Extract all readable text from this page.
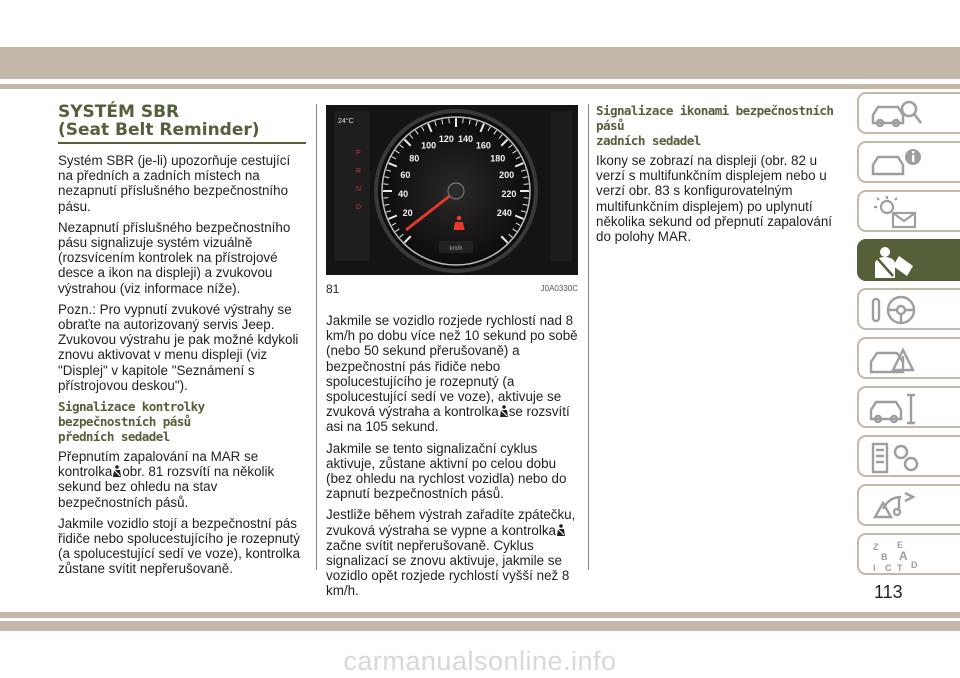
SYSTÉM SBR
(Seat Belt Reminder)

Systém SBR (je-li) upozorňuje cestující na předních a zadních místech na nezapnutí příslušného bezpečnostního pásu.

Nezapnutí příslušného bezpečnostního pásu signalizuje systém vizuálně (rozsvícením kontrolek na přístrojové desce a ikon na displeji) a zvukovou výstrahou (viz informace níže).

Pozn.: Pro vypnutí zvukové výstrahy se obraťte na autorizovaný servis Jeep. Zvukovou výstrahu je pak možné kdykoli znovu aktivovat v menu displeji (viz "Displej" v kapitole "Seznámení s přístrojovou deskou").

Signalizace kontrolky bezpečnostních pásů
předních sedadel

Přepnutím zapalování na MAR se kontrolka obr. 81 rozsvítí na několik sekund bez ohledu na stav bezpečnostních pásů.

Jakmile vozidlo stojí a bezpečnostní pás řidiče nebo spolucestujícího je rozepnutý (a spolucestující sedí ve voze), kontrolka zůstane svítit nepřerušovaně.

24°C
P
R
N
D
20
40
60
80
100
120 140
160
180
200
220
240
km/h
81	J0A0330C

Jakmile se vozidlo rozjede rychlostí nad 8 km/h po dobu více než 10 sekund po sobě (nebo 50 sekund přerušovaně) a bezpečnostní pás řidiče nebo spolucestujícího je rozepnutý (a spolucestující sedí ve voze), aktivuje se zvuková výstraha a kontrolka se rozsvítí asi na 105 sekund.

Jakmile se tento signalizační cyklus aktivuje, zůstane aktivní po celou dobu (bez ohledu na rychlost vozidla) nebo do zapnutí bezpečnostních pásů.

Jestliže během výstrah zařadíte zpátečku, zvuková výstraha se vypne a kontrolkazačne svítit nepřerušovaně. Cyklus signalizací se znovu aktivuje, jakmile se vozidlo opět rozjede rychlostí vyšší než 8 km/h.

Signalizace ikonami bezpečnostních pásů
zadních sedadel

Ikony se zobrazí na displeji (obr. 82 u verzí s multifunkčním displejem nebo u verzí obr. 83 s konfigurovatelným multifunkčním displejem) po uplynutí několika sekund od přepnutí zapalování do polohy MAR.

Z E
B A
I C T D
113
carmanualsonline.info
